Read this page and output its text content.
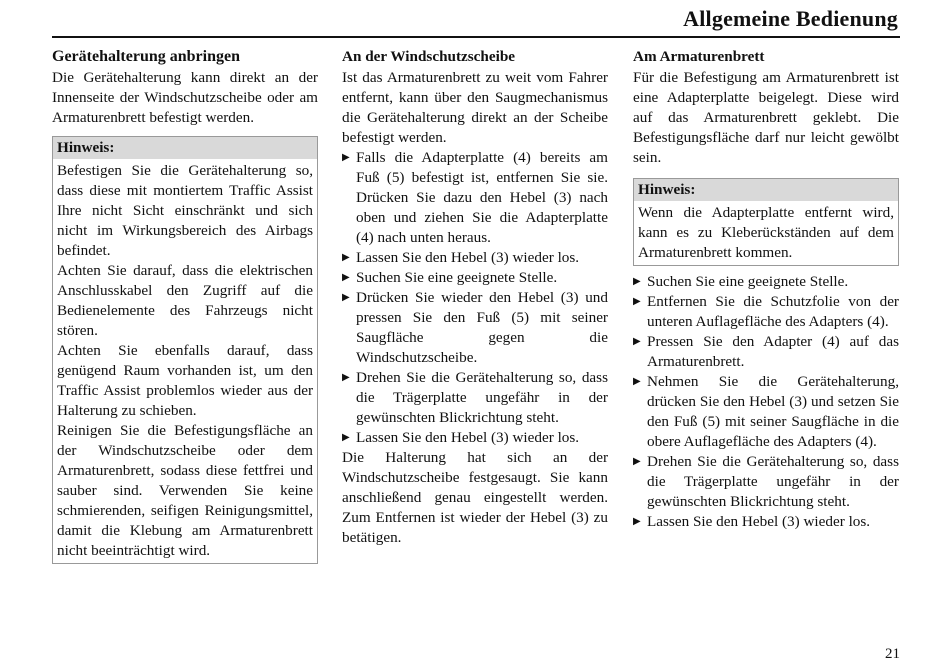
Allgemeine Bedienung
Gerätehalterung anbringen

Die Gerätehalterung kann direkt an der Innenseite der Windschutzscheibe oder am Armaturenbrett befestigt werden.

Hinweis:

Befestigen Sie die Gerätehalterung so, dass diese mit montiertem Traffic Assist Ihre nicht Sicht einschränkt und sich nicht im Wirkungsbereich des Airbags befindet.

Achten Sie darauf, dass die elektrischen Anschlusskabel den Zugriff auf die Bedienelemente des Fahrzeugs nicht stören.

Achten Sie ebenfalls darauf, dass genügend Raum vorhanden ist, um den Traffic Assist problemlos wieder aus der Halterung zu schieben.

Reinigen Sie die Befestigungsfläche an der Windschutzscheibe oder dem Armaturenbrett, sodass diese fettfrei und sauber sind. Verwenden Sie keine schmierenden, seifigen Reinigungsmittel, damit die Klebung am Armaturenbrett nicht beeinträchtigt wird.

An der Windschutzscheibe

Ist das Armaturenbrett zu weit vom Fahrer entfernt, kann über den Saugmechanismus die Gerätehalterung direkt an der Scheibe befestigt werden.

▶ Falls die Adapterplatte (4) bereits am Fuß (5) befestigt ist, entfernen Sie sie. Drücken Sie dazu den Hebel (3) nach oben und ziehen Sie die Adapterplatte (4) nach unten heraus.
▶ Lassen Sie den Hebel (3) wieder los.
▶ Suchen Sie eine geeignete Stelle.
▶ Drücken Sie wieder den Hebel (3) und pressen Sie den Fuß (5) mit seiner Saugfläche gegen die Windschutzscheibe.
▶ Drehen Sie die Gerätehalterung so, dass die Trägerplatte ungefähr in der gewünschten Blickrichtung steht.
▶ Lassen Sie den Hebel (3) wieder los.

Die Halterung hat sich an der Windschutzscheibe festgesaugt. Sie kann anschließend genau eingestellt werden. Zum Entfernen ist wieder der Hebel (3) zu betätigen.

Am Armaturenbrett

Für die Befestigung am Armaturenbrett ist eine Adapterplatte beigelegt. Diese wird auf das Armaturenbrett geklebt. Die Befestigungsfläche darf nur leicht gewölbt sein.

Hinweis:

Wenn die Adapterplatte entfernt wird, kann es zu Kleberückständen auf dem Armaturenbrett kommen.

▶ Suchen Sie eine geeignete Stelle.
▶ Entfernen Sie die Schutzfolie von der unteren Auflagefläche des Adapters (4).
▶ Pressen Sie den Adapter (4) auf das Armaturenbrett.
▶ Nehmen Sie die Gerätehalterung, drücken Sie den Hebel (3) und setzen Sie den Fuß (5) mit seiner Saugfläche in die obere Auflagefläche des Adapters (4).
▶ Drehen Sie die Gerätehalterung so, dass die Trägerplatte ungefähr in der gewünschten Blickrichtung steht.
▶ Lassen Sie den Hebel (3) wieder los.
21
